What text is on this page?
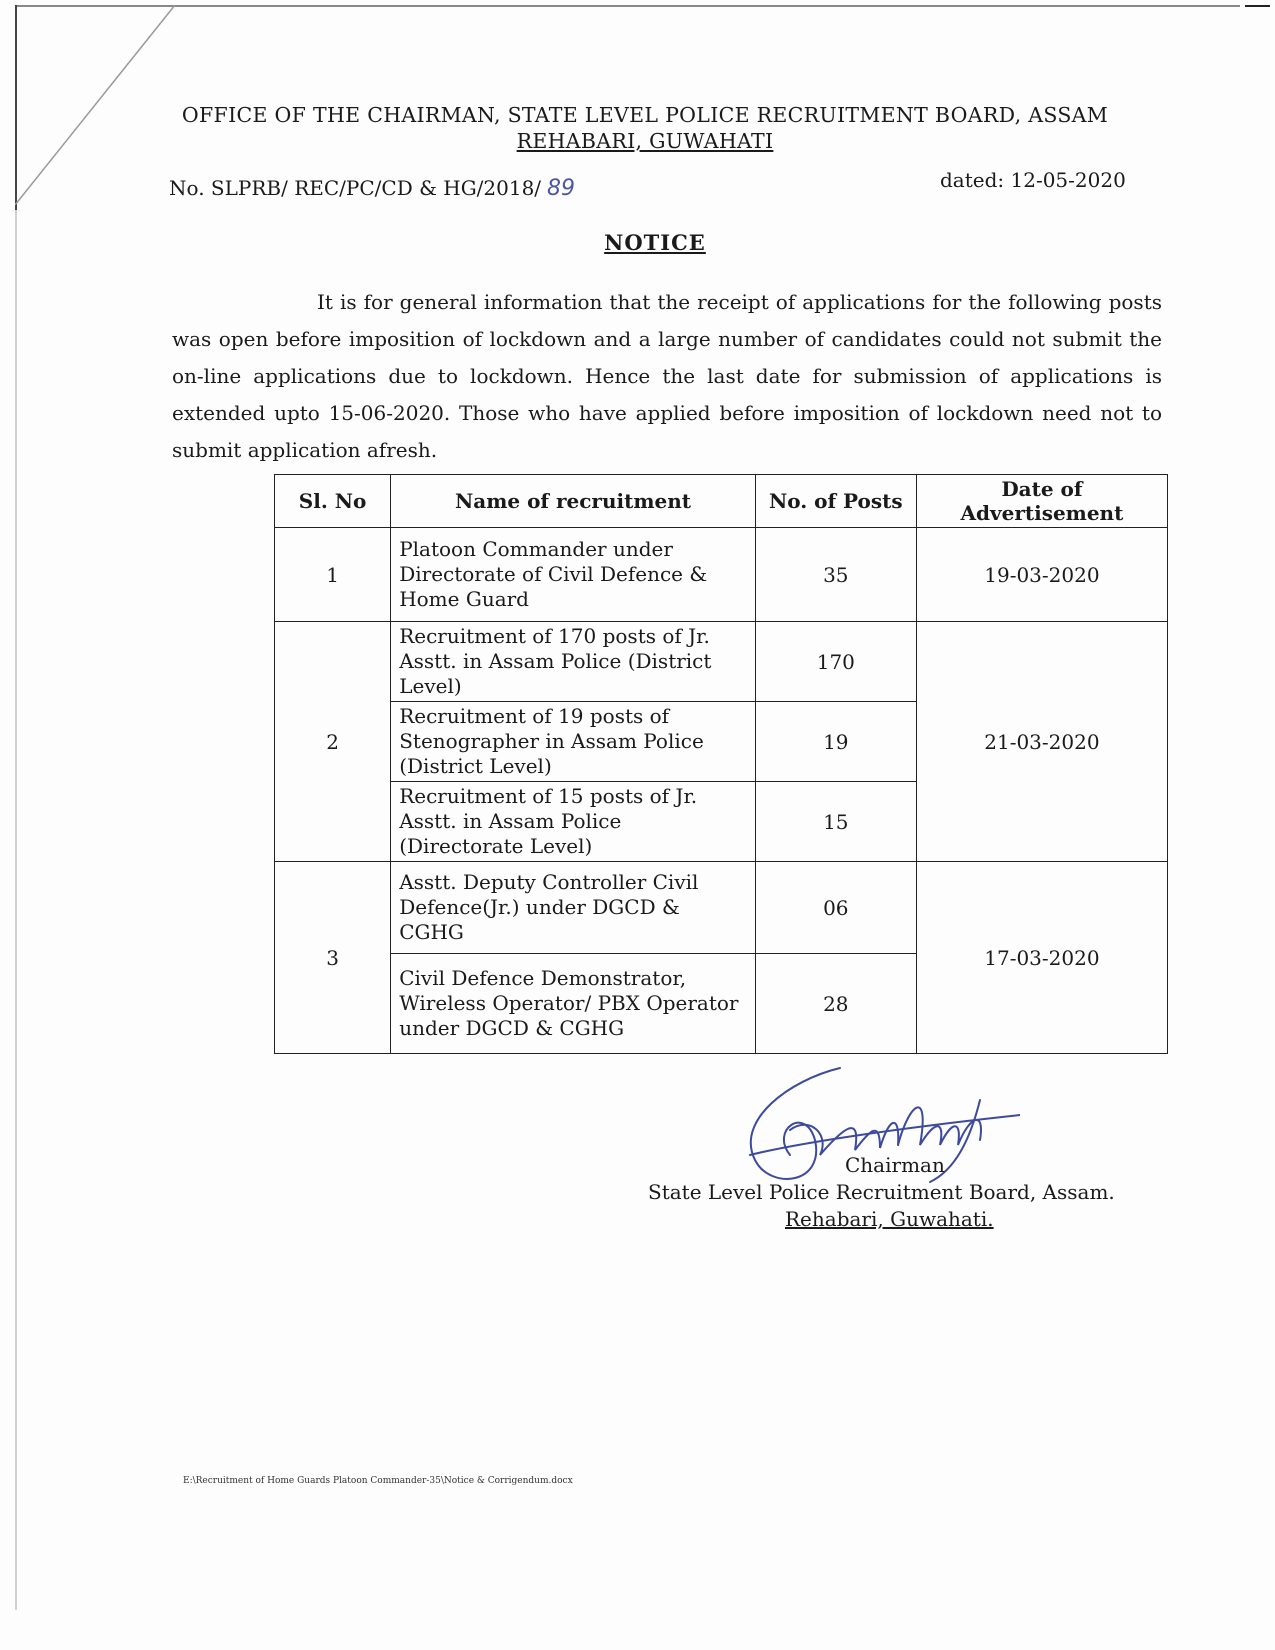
OFFICE OF THE CHAIRMAN, STATE LEVEL POLICE RECRUITMENT BOARD, ASSAM
REHABARI, GUWAHATI
No. SLPRB/ REC/PC/CD & HG/2018/ 89	dated: 12-05-2020
NOTICE
It is for general information that the receipt of applications for the following posts was open before imposition of lockdown and a large number of candidates could not submit the on-line applications due to lockdown. Hence the last date for submission of applications is extended upto 15-06-2020. Those who have applied before imposition of lockdown need not to submit application afresh.
Sl. No	Name of recruitment	No. of Posts	Date of Advertisement
1	Platoon Commander under Directorate of Civil Defence & Home Guard	35	19-03-2020
2	Recruitment of 170 posts of Jr. Asstt. in Assam Police (District Level)	170	21-03-2020
	Recruitment of 19 posts of Stenographer in Assam Police (District Level)	19	
	Recruitment of 15 posts of Jr. Asstt. in Assam Police (Directorate Level)	15	
3	Asstt. Deputy Controller Civil Defence(Jr.) under DGCD & CGHG	06	17-03-2020
	Civil Defence Demonstrator, Wireless Operator/ PBX Operator under DGCD & CGHG	28	
Chairman
State Level Police Recruitment Board, Assam.
Rehabari, Guwahati.
E:\Recruitment of Home Guards Platoon Commander-35\Notice & Corrigendum.docx
